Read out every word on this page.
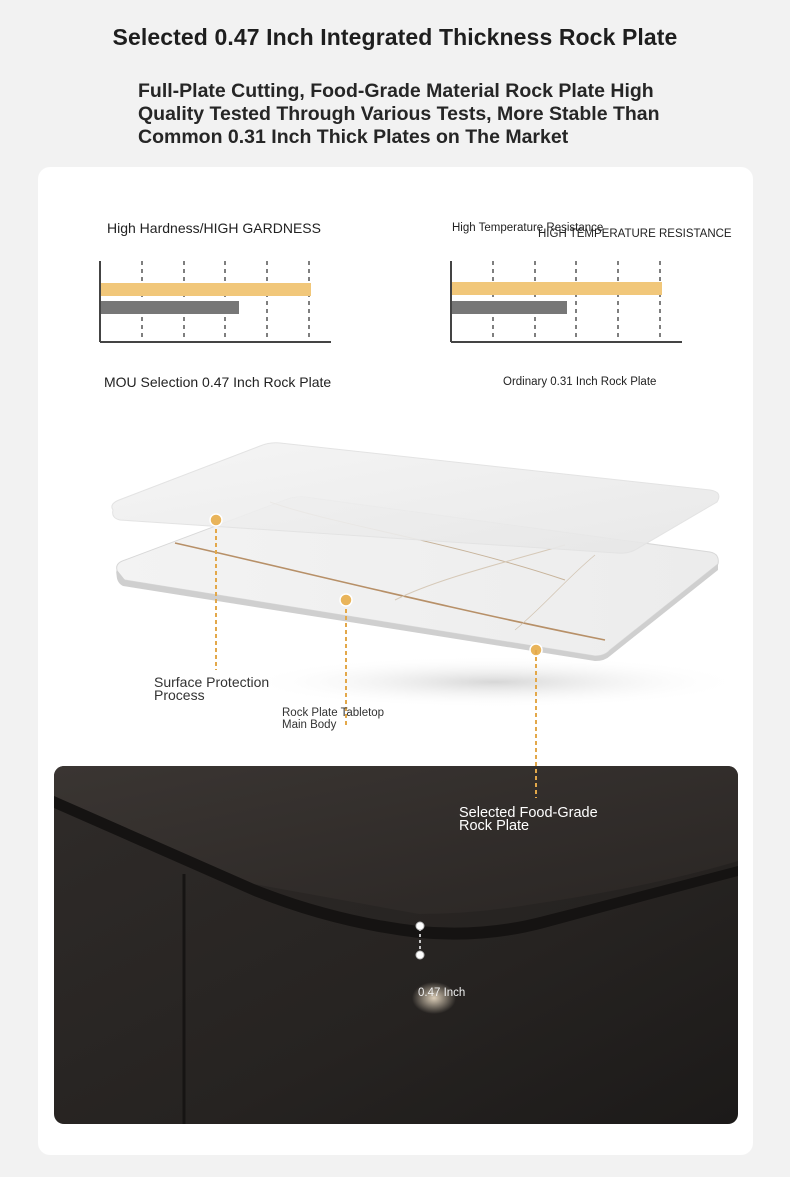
Selected 0.47 Inch Integrated Thickness Rock Plate
Full-Plate Cutting, Food-Grade Material Rock Plate High
Quality Tested Through Various Tests, More Stable Than
Common 0.31 Inch Thick Plates on The Market
High Hardness/HIGH GARDNESS	High Temperature Resistance
HIGH TEMPERATURE RESISTANCE
MOU Selection 0.47 Inch Rock Plate	Ordinary 0.31 Inch Rock Plate
Surface Protection
Process
Rock Plate Tabletop
Main Body
Selected Food-Grade
Rock Plate
0.47 Inch
